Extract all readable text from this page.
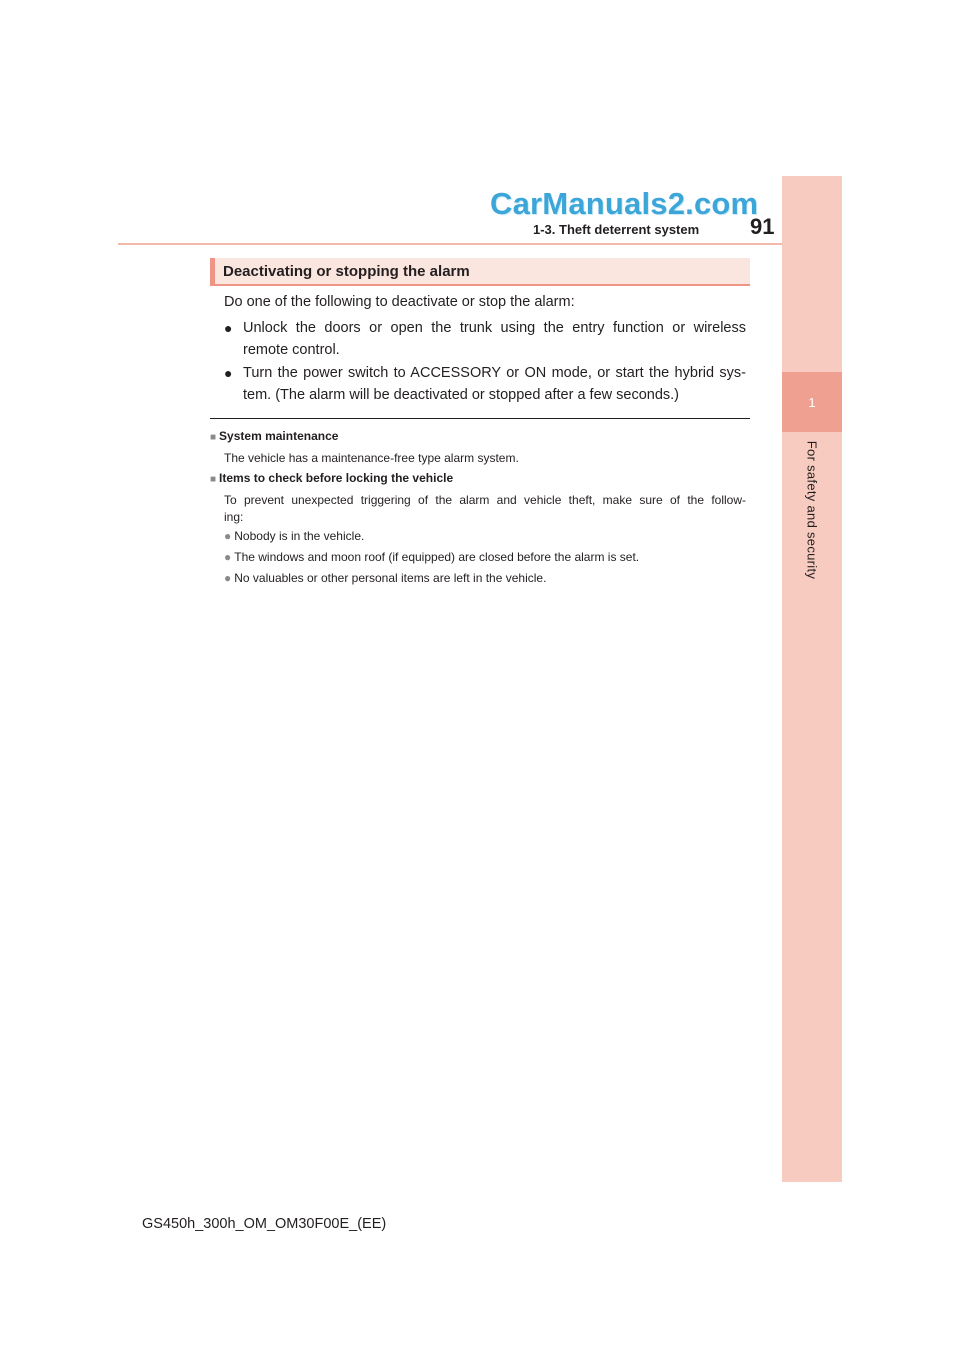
1
For safety and security
CarManuals2.com
1-3. Theft deterrent system 91
Deactivating or stopping the alarm
Do one of the following to deactivate or stop the alarm:
● Unlock the doors or open the trunk using the entry function or wireless
remote control.
● Turn the power switch to ACCESSORY or ON mode, or start the hybrid sys-
tem. (The alarm will be deactivated or stopped after a few seconds.)
■ System maintenance
The vehicle has a maintenance-free type alarm system.
■ Items to check before locking the vehicle
To prevent unexpected triggering of the alarm and vehicle theft, make sure of the follow-
ing:
● Nobody is in the vehicle.
● The windows and moon roof (if equipped) are closed before the alarm is set.
● No valuables or other personal items are left in the vehicle.
GS450h_300h_OM_OM30F00E_(EE)
